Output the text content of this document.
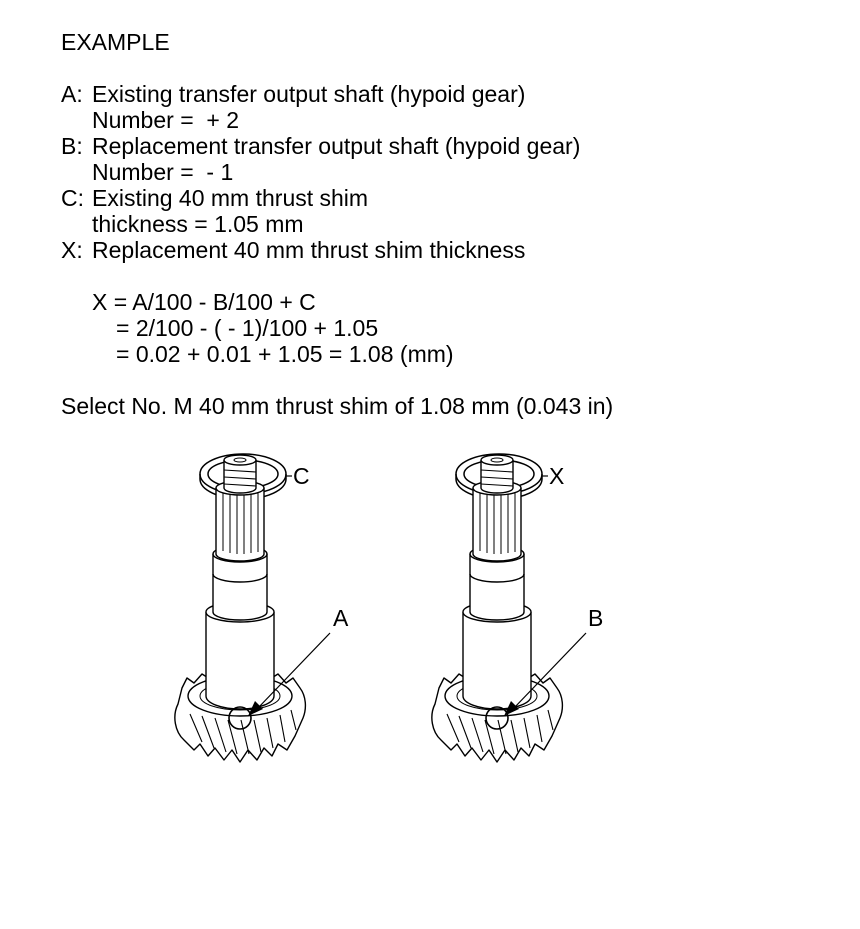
EXAMPLE
A: Existing transfer output shaft (hypoid gear)
Number =  + 2
B: Replacement transfer output shaft (hypoid gear)
Number =  - 1
C: Existing 40 mm thrust shim
thickness = 1.05 mm
X: Replacement 40 mm thrust shim thickness
X = A/100 - B/100 + C
= 2/100 - ( - 1)/100 + 1.05
= 0.02 + 0.01 + 1.05 = 1.08 (mm)
Select No. M 40 mm thrust shim of 1.08 mm (0.043 in)
C
A
X
B
